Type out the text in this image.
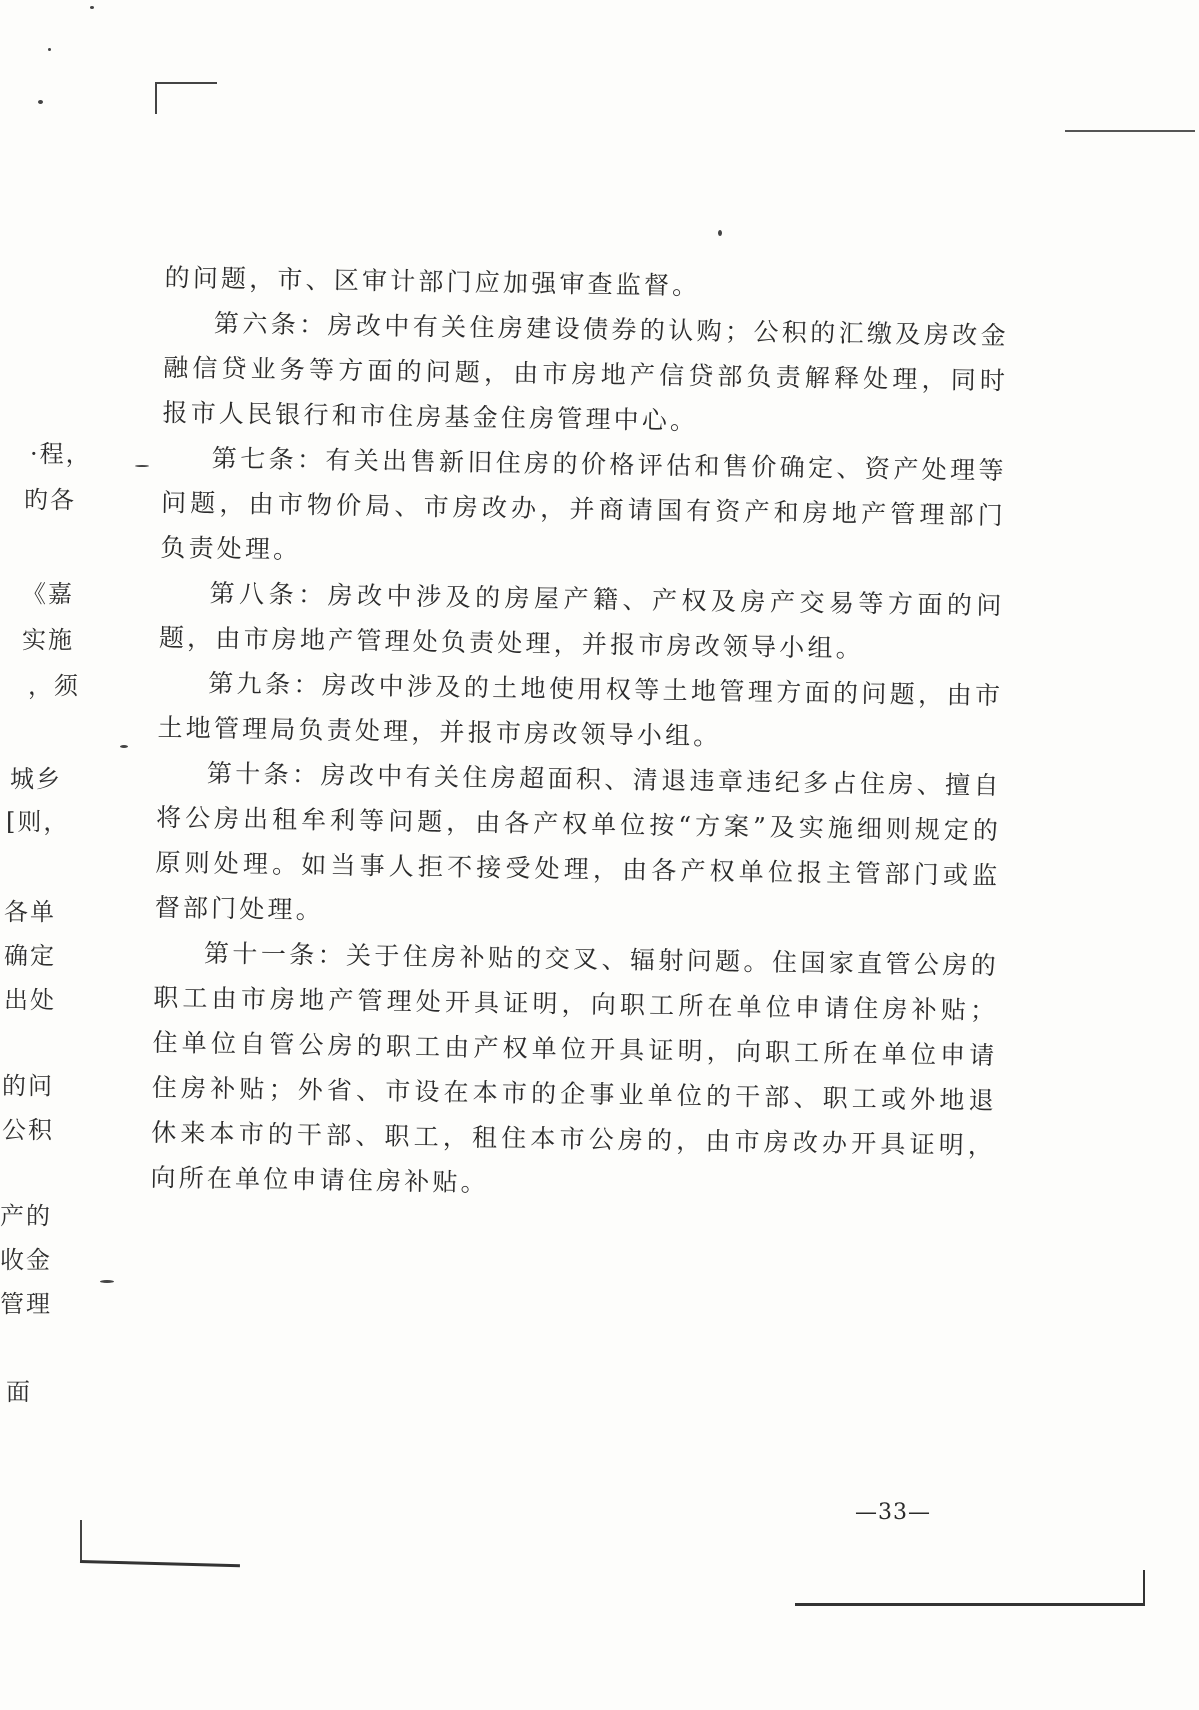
·程，
旳各
《嘉
实施
，须
城乡
[则，
各单
确定
出处
的问
公积
产的
收金
管理
面

的问题，市、区审计部门应加强审查监督。

第六条：房改中有关住房建设债券的认购；公积的汇缴及房改金融信贷业务等方面的问题，由市房地产信贷部负责解释处理，同时报市人民银行和市住房基金住房管理中心。

第七条：有关出售新旧住房的价格评估和售价确定、资产处理等问题，由市物价局、市房改办，并商请国有资产和房地产管理部门负责处理。

第八条：房改中涉及的房屋产籍、产权及房产交易等方面的问题，由市房地产管理处负责处理，并报市房改领导小组。

第九条：房改中涉及的土地使用权等土地管理方面的问题，由市土地管理局负责处理，并报市房改领导小组。

第十条：房改中有关住房超面积、清退违章违纪多占住房、擅自将公房出租牟利等问题，由各产权单位按“方案”及实施细则规定的原则处理。如当事人拒不接受处理，由各产权单位报主管部门或监督部门处理。

第十一条：关于住房补贴的交叉、辐射问题。住国家直管公房的职工由市房地产管理处开具证明，向职工所在单位申请住房补贴；住单位自管公房的职工由产权单位开具证明，向职工所在单位申请住房补贴；外省、市设在本市的企事业单位的干部、职工或外地退休来本市的干部、职工，租住本市公房的，由市房改办开具证明，向所在单位申请住房补贴。

—33—
